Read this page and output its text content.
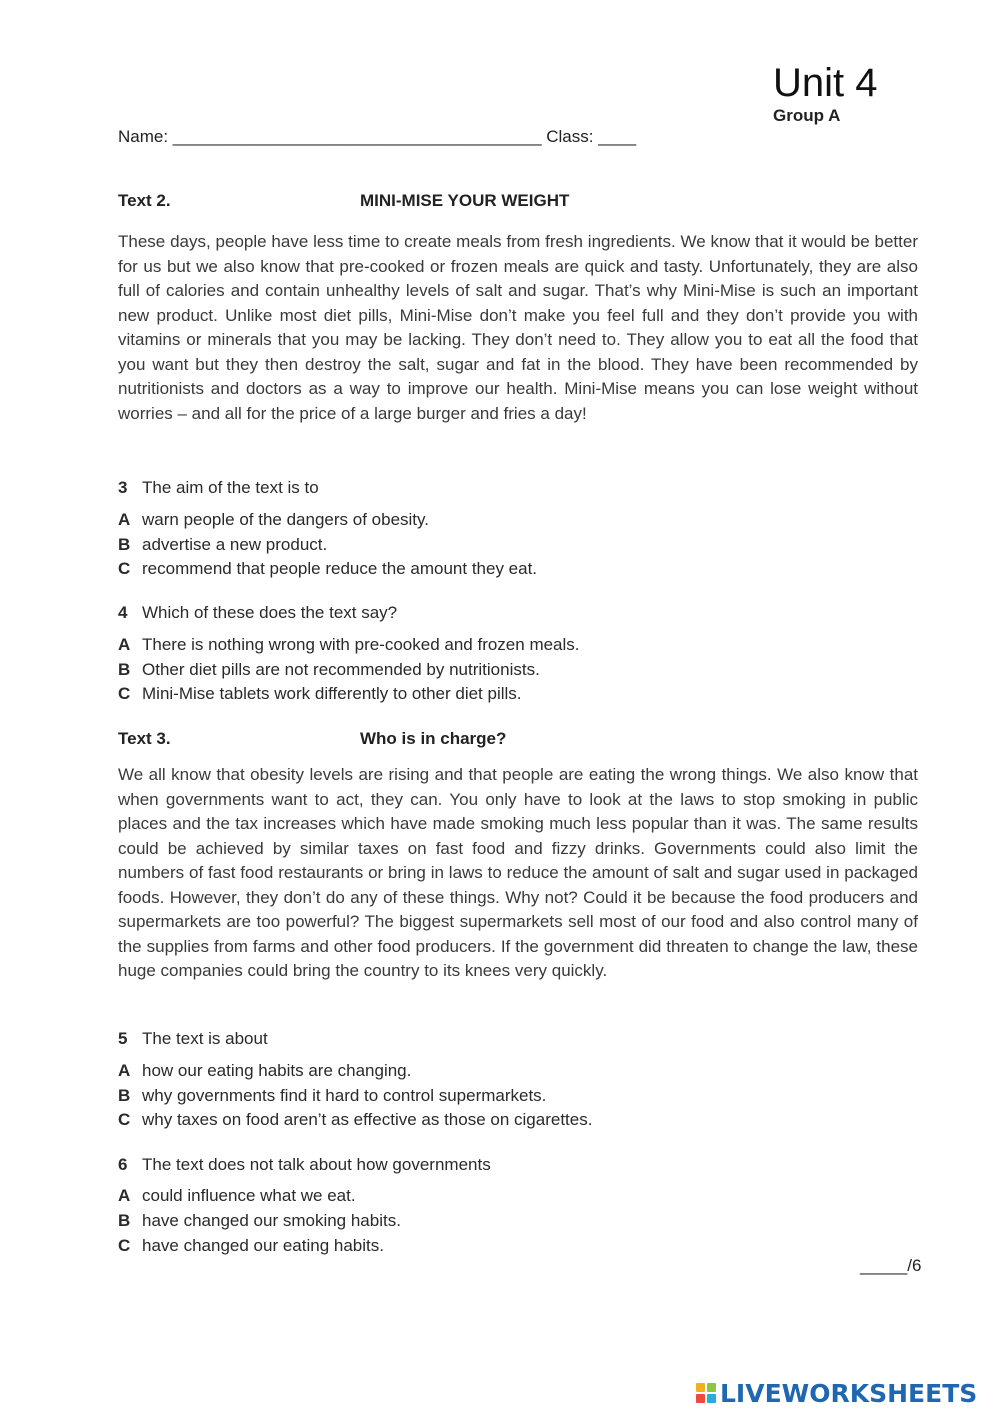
Unit 4
Group A
Name: _______________________________________ Class: ____
Text 2.	MINI-MISE YOUR WEIGHT
These days, people have less time to create meals from fresh ingredients. We know that it would be better for us but we also know that pre-cooked or frozen meals are quick and tasty. Unfortunately, they are also full of calories and contain unhealthy levels of salt and sugar. That’s why Mini-Mise is such an important new product. Unlike most diet pills, Mini-Mise don’t make you feel full and they don’t provide you with vitamins or minerals that you may be lacking. They don’t need to. They allow you to eat all the food that you want but they then destroy the salt, sugar and fat in the blood. They have been recommended by nutritionists and doctors as a way to improve our health. Mini-Mise means you can lose weight without worries – and all for the price of a large burger and fries a day!
3 The aim of the text is to
A warn people of the dangers of obesity.
B advertise a new product.
C recommend that people reduce the amount they eat.
4 Which of these does the text say?
A There is nothing wrong with pre-cooked and frozen meals.
B Other diet pills are not recommended by nutritionists.
C Mini-Mise tablets work differently to other diet pills.
Text 3.	Who is in charge?
We all know that obesity levels are rising and that people are eating the wrong things. We also know that when governments want to act, they can. You only have to look at the laws to stop smoking in public places and the tax increases which have made smoking much less popular than it was. The same results could be achieved by similar taxes on fast food and fizzy drinks. Governments could also limit the numbers of fast food restaurants or bring in laws to reduce the amount of salt and sugar used in packaged foods. However, they don’t do any of these things. Why not? Could it be because the food producers and supermarkets are too powerful? The biggest supermarkets sell most of our food and also control many of the supplies from farms and other food producers. If the government did threaten to change the law, these huge companies could bring the country to its knees very quickly.
5 The text is about
A how our eating habits are changing.
B why governments find it hard to control supermarkets.
C why taxes on food aren’t as effective as those on cigarettes.
6 The text does not talk about how governments
A could influence what we eat.
B have changed our smoking habits.
C have changed our eating habits.
_____/6
LIVEWORKSHEETS
